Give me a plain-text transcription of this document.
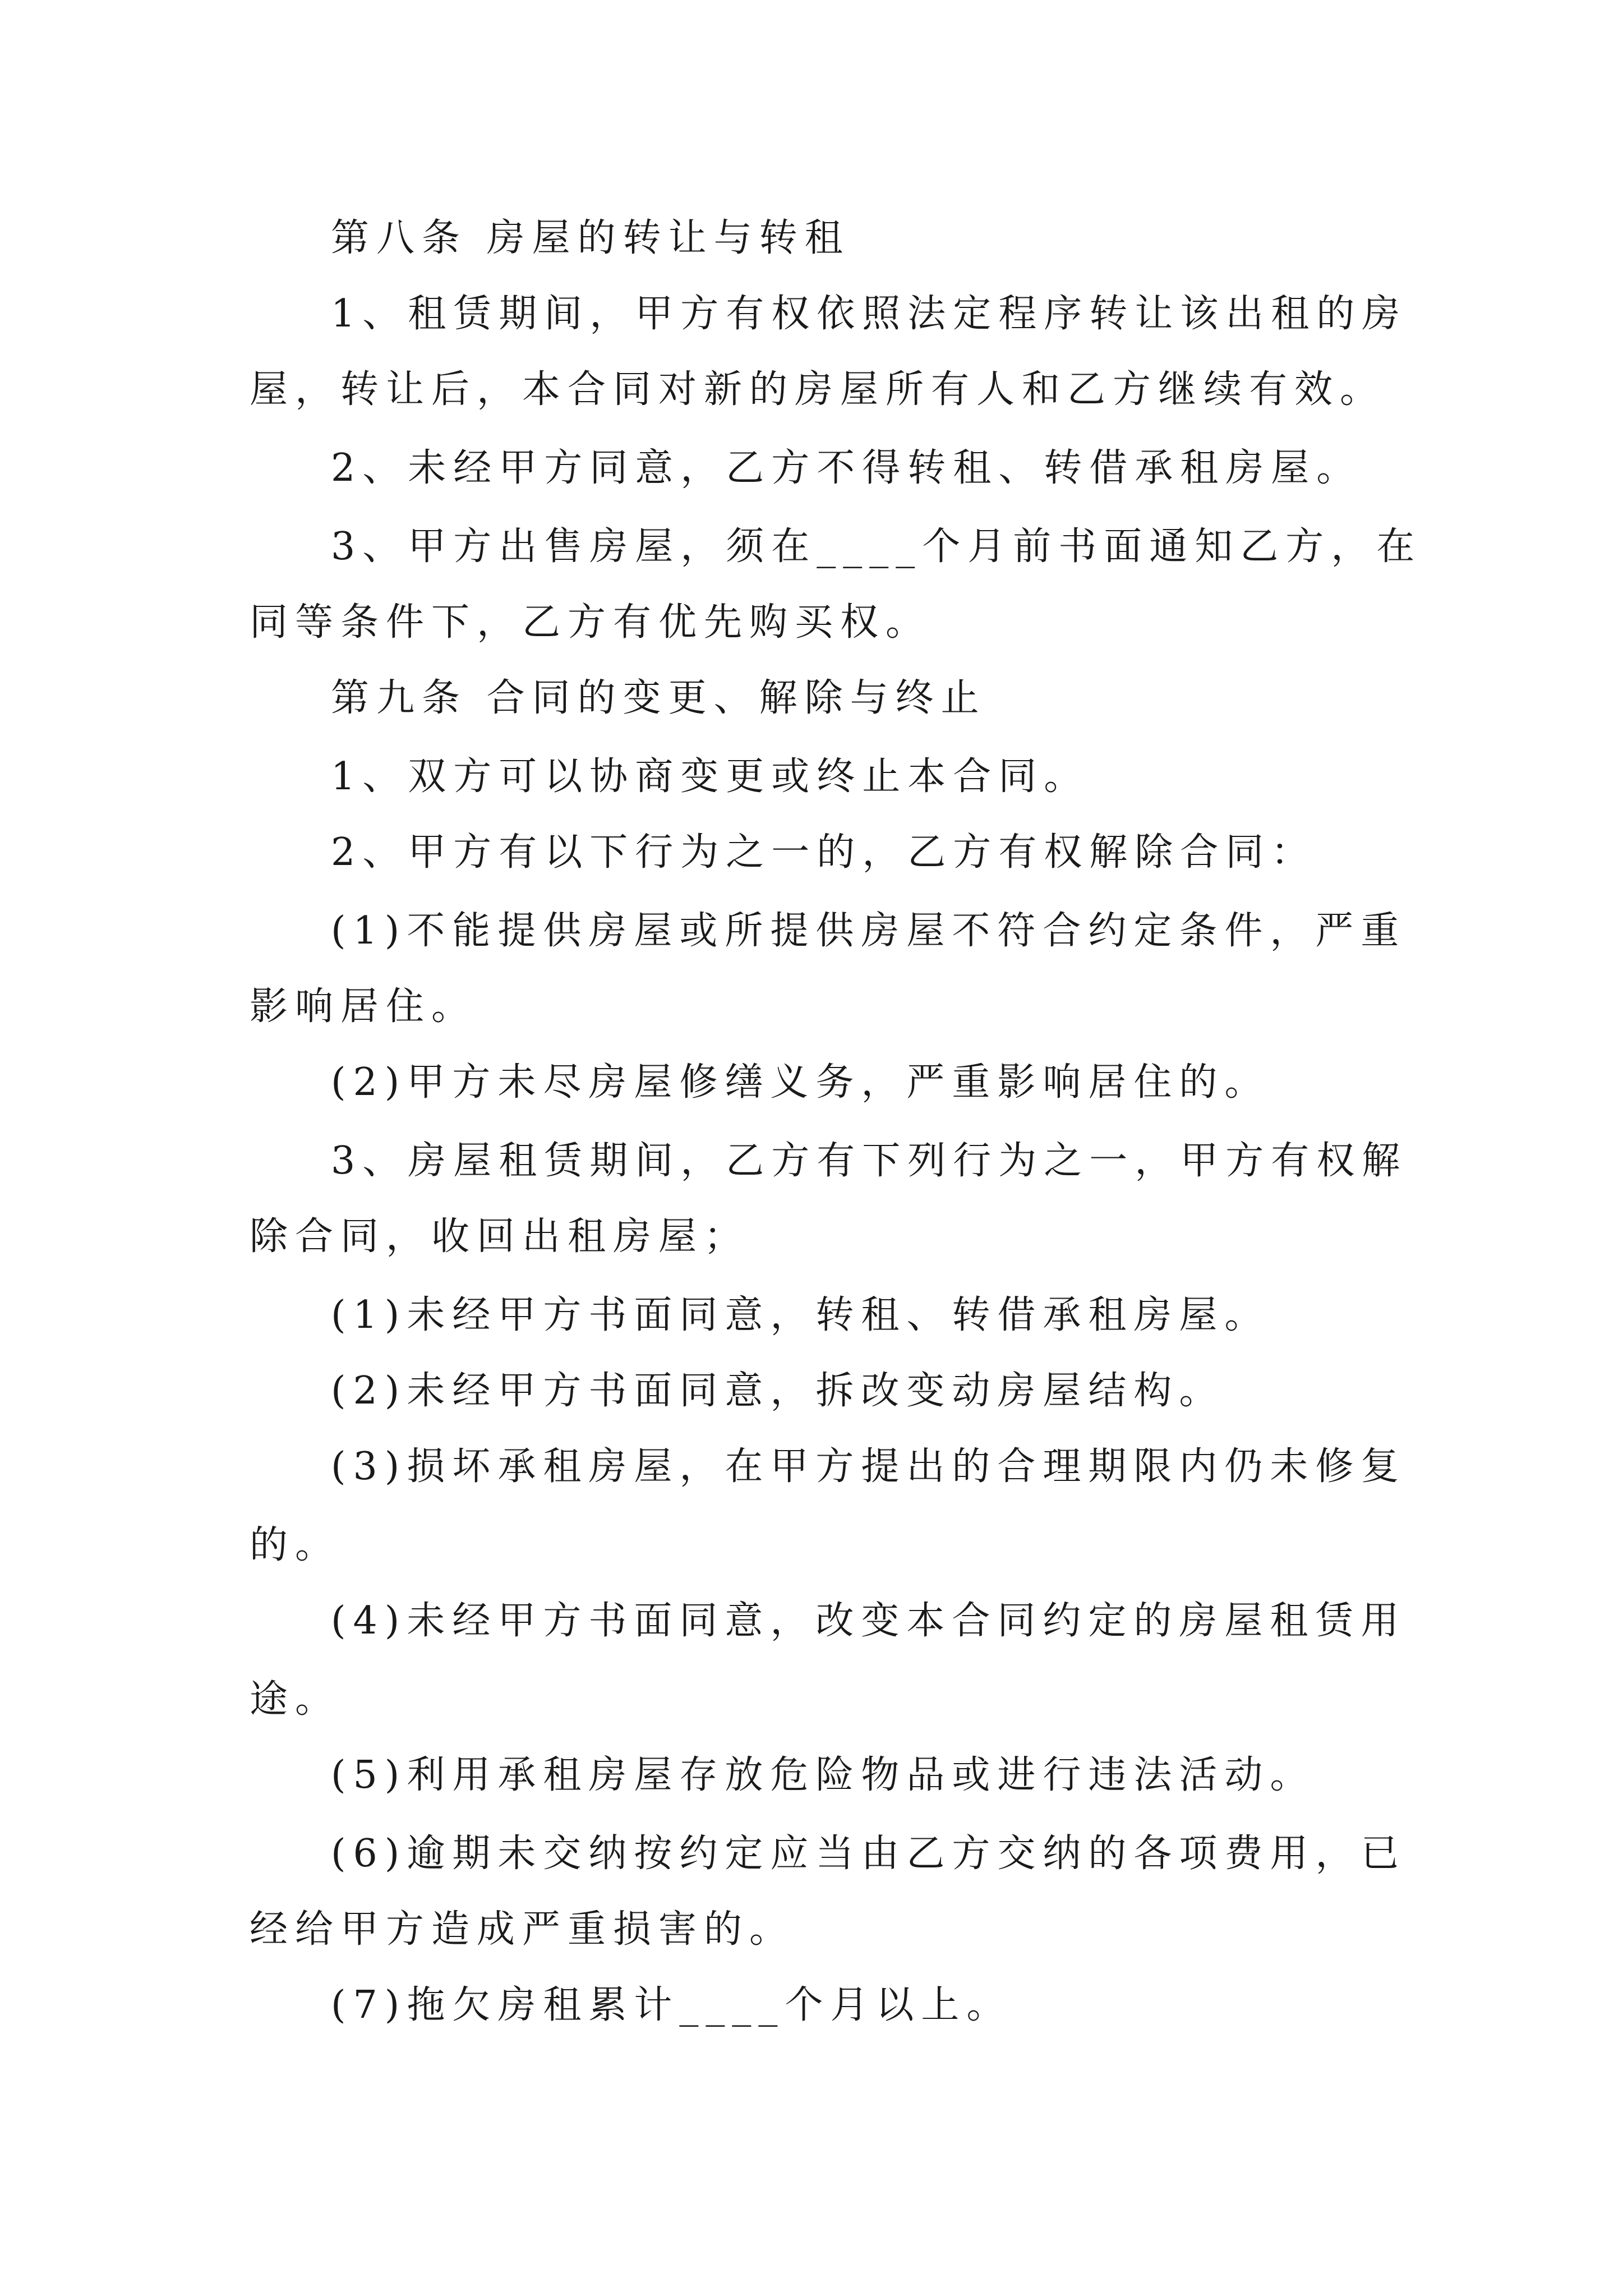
第八条 房屋的转让与转租
1、租赁期间，甲方有权依照法定程序转让该出租的房
屋，转让后，本合同对新的房屋所有人和乙方继续有效。
2、未经甲方同意，乙方不得转租、转借承租房屋。
3、甲方出售房屋，须在____个月前书面通知乙方，在
同等条件下，乙方有优先购买权。
第九条 合同的变更、解除与终止
1、双方可以协商变更或终止本合同。
2、甲方有以下行为之一的，乙方有权解除合同：
(1)不能提供房屋或所提供房屋不符合约定条件，严重
影响居住。
(2)甲方未尽房屋修缮义务，严重影响居住的。
3、房屋租赁期间，乙方有下列行为之一，甲方有权解
除合同，收回出租房屋；
(1)未经甲方书面同意，转租、转借承租房屋。
(2)未经甲方书面同意，拆改变动房屋结构。
(3)损坏承租房屋，在甲方提出的合理期限内仍未修复
的。
(4)未经甲方书面同意，改变本合同约定的房屋租赁用
途。
(5)利用承租房屋存放危险物品或进行违法活动。
(6)逾期未交纳按约定应当由乙方交纳的各项费用，已
经给甲方造成严重损害的。
(7)拖欠房租累计____个月以上。
